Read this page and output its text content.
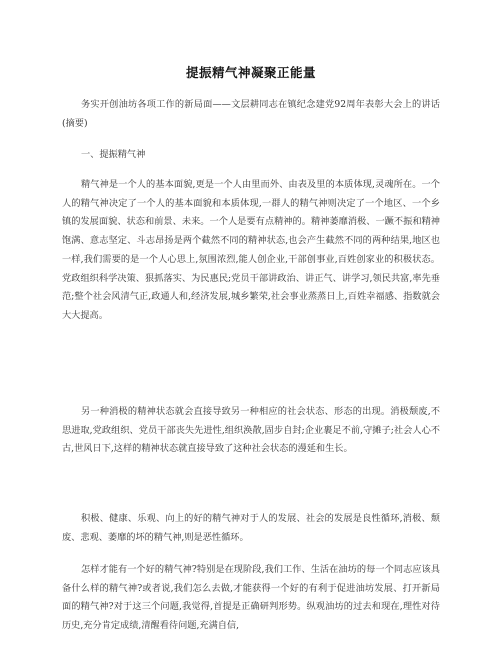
提振精气神凝聚正能量

务实开创油坊各项工作的新局面——文层耕同志在镇纪念建党92周年表彰大会上的讲话(摘要)

一、提振精气神

精气神是一个人的基本面貌,更是一个人由里而外、由表及里的本质体现,灵魂所在。一个人的精气神决定了一个人的基本面貌和本质体现,一群人的精气神则决定了一个地区、一个乡镇的发展面貌、状态和前景、未来。一个人是要有点精神的。精神萎靡消极、一蹶不振和精神饱满、意志坚定、斗志昂扬是两个截然不同的精神状态,也会产生截然不同的两种结果,地区也一样,我们需要的是一个人心思上,氛围浓烈,能人创企业,干部创事业,百姓创家业的积极状态。党政组织科学决策、狠抓落实、为民惠民;党员干部讲政治、讲正气、讲学习,领民共富,率先垂范;整个社会风清气正,政通人和,经济发展,城乡繁荣,社会事业蒸蒸日上,百姓幸福感、指数就会大大提高。

另一种消极的精神状态就会直接导致另一种相应的社会状态、形态的出现。消极颓废,不思进取,党政组织、党员干部丧失先进性,组织涣散,固步自封;企业裹足不前,守摊子;社会人心不古,世风日下,这样的精神状态就直接导致了这种社会状态的漫延和生长。

积极、健康、乐观、向上的好的精气神对于人的发展、社会的发展是良性循环,消极、颓废、悲观、萎靡的坏的精气神,则是恶性循环。

怎样才能有一个好的精气神?特别是在现阶段,我们工作、生活在油坊的每一个同志应该具备什么样的精气神?或者说,我们怎么去做,才能获得一个好的有利于促进油坊发展、打开新局面的精气神?对于这三个问题,我觉得,首提是正确研判形势。纵观油坊的过去和现在,理性对待历史,充分肯定成绩,清醒看待问题,充满自信,
